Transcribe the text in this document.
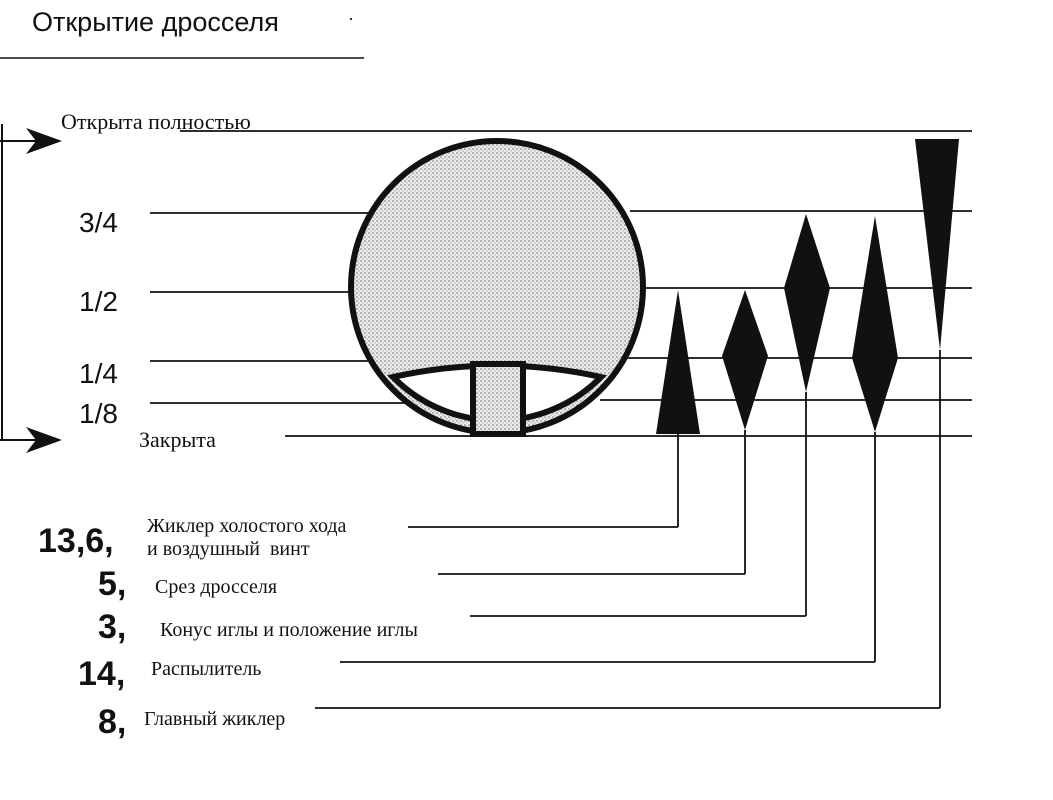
Открытие дросселя
Открыта полностью
3/4
1/2
1/4
1/8
Закрыта
13,6,
5,
3,
14,
8,
Жиклер холостого хода
и воздушный  винт
Срез дросселя
Конус иглы и положение иглы
Распылитель
Главный жиклер
